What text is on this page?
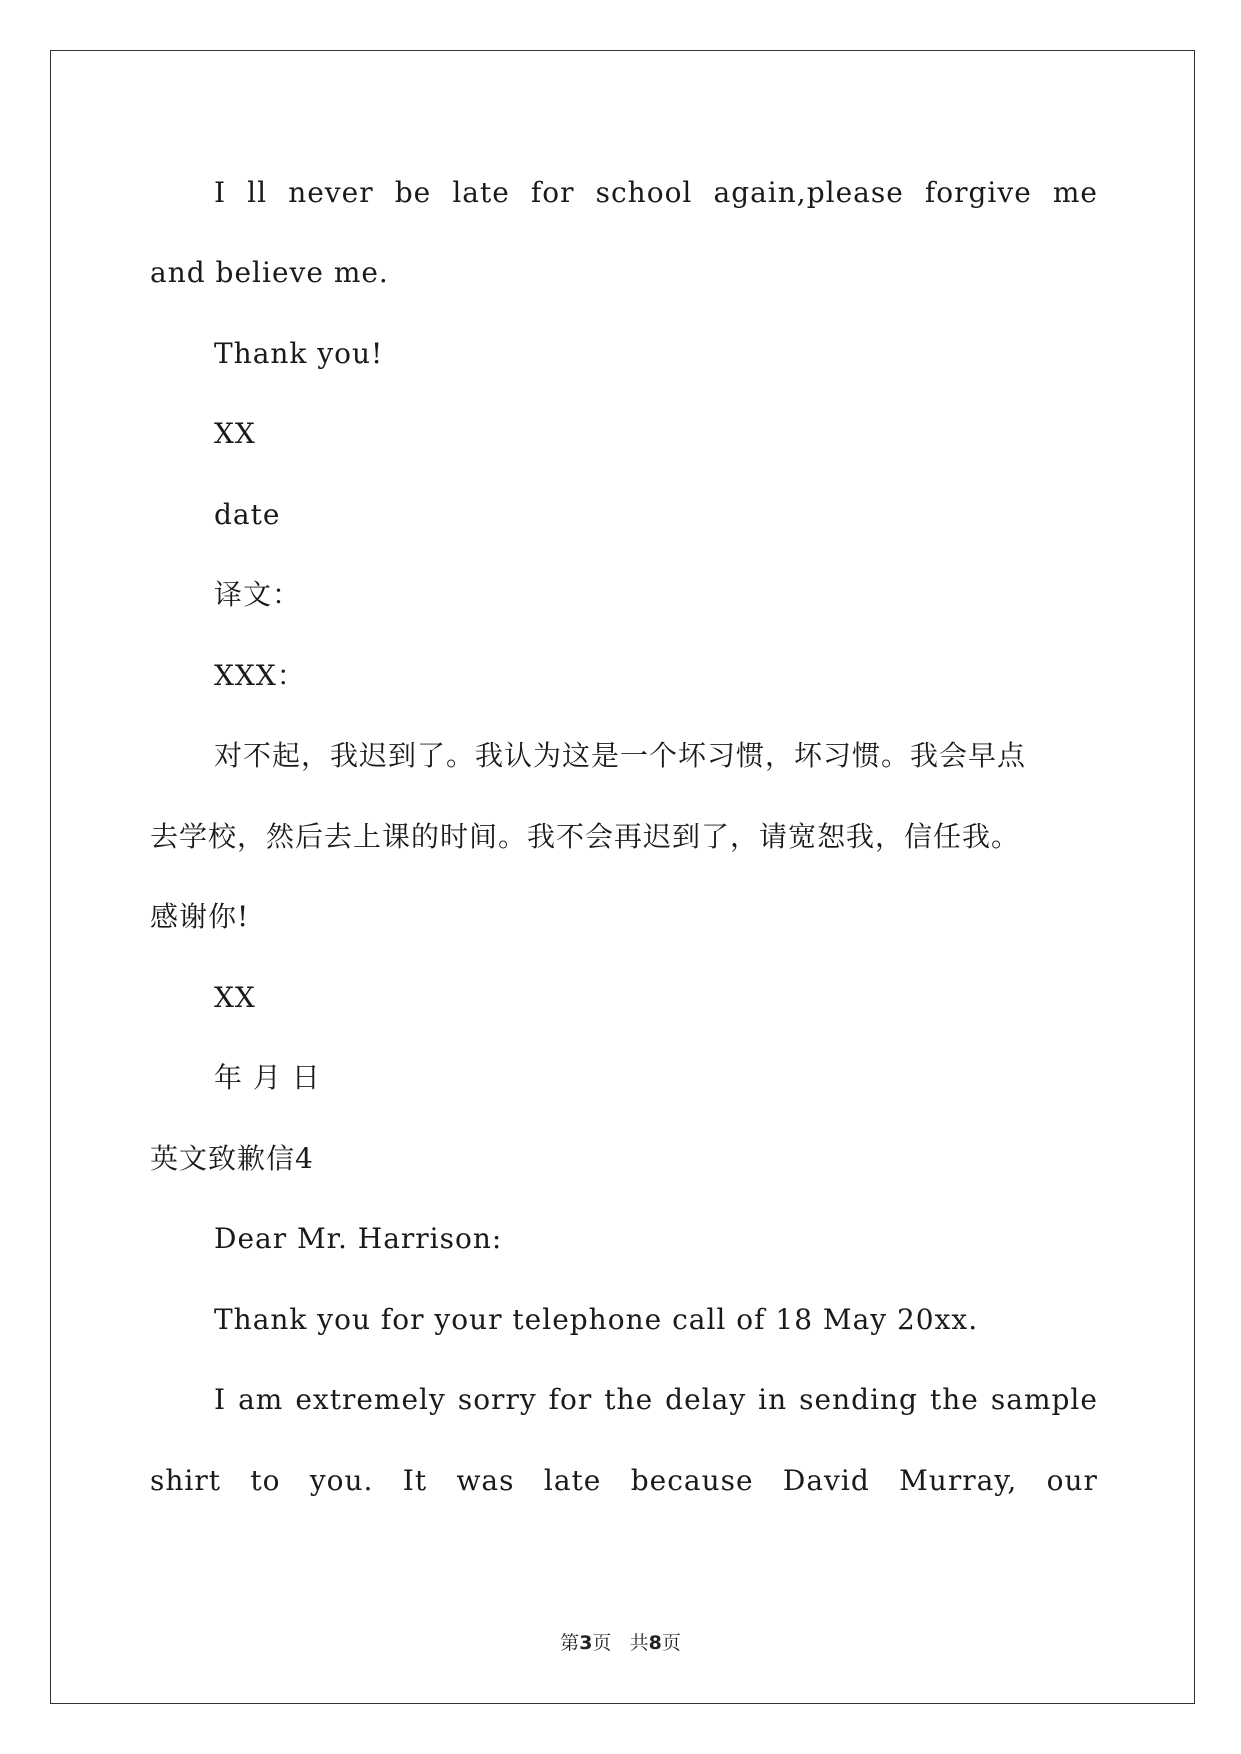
I ll never be late for school again,please forgive me
and believe me.
Thank you!
XX
date
译文：
XXX：
对不起，我迟到了。我认为这是一个坏习惯，坏习惯。我会早点
去学校，然后去上课的时间。我不会再迟到了，请宽恕我，信任我。
感谢你!
XX
年 月 日
英文致歉信4
Dear Mr. Harrison:
Thank you for your telephone call of 18 May 20xx.
I am extremely sorry for the delay in sending the sample
shirt to you. It was late because David Murray, our
第3页 共8页
